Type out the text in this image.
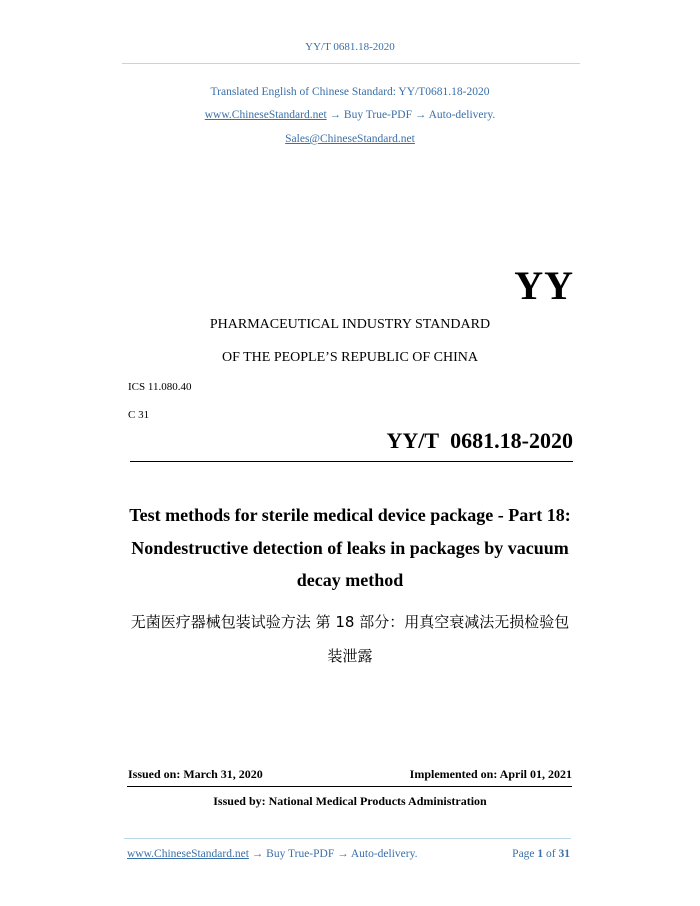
YY/T 0681.18-2020
Translated English of Chinese Standard: YY/T0681.18-2020
www.ChineseStandard.net → Buy True-PDF → Auto-delivery.
Sales@ChineseStandard.net
YY
PHARMACEUTICAL INDUSTRY STANDARD
OF THE PEOPLE’S REPUBLIC OF CHINA
ICS 11.080.40
C 31
YY/T 0681.18-2020
Test methods for sterile medical device package - Part 18:
Nondestructive detection of leaks in packages by vacuum
decay method
无菌医疗器械包装试验方法 第 18 部分：用真空衰减法无损检验包
装泄露
Issued on: March 31, 2020	Implemented on: April 01, 2021
Issued by: National Medical Products Administration
www.ChineseStandard.net → Buy True-PDF → Auto-delivery.	Page 1 of 31
